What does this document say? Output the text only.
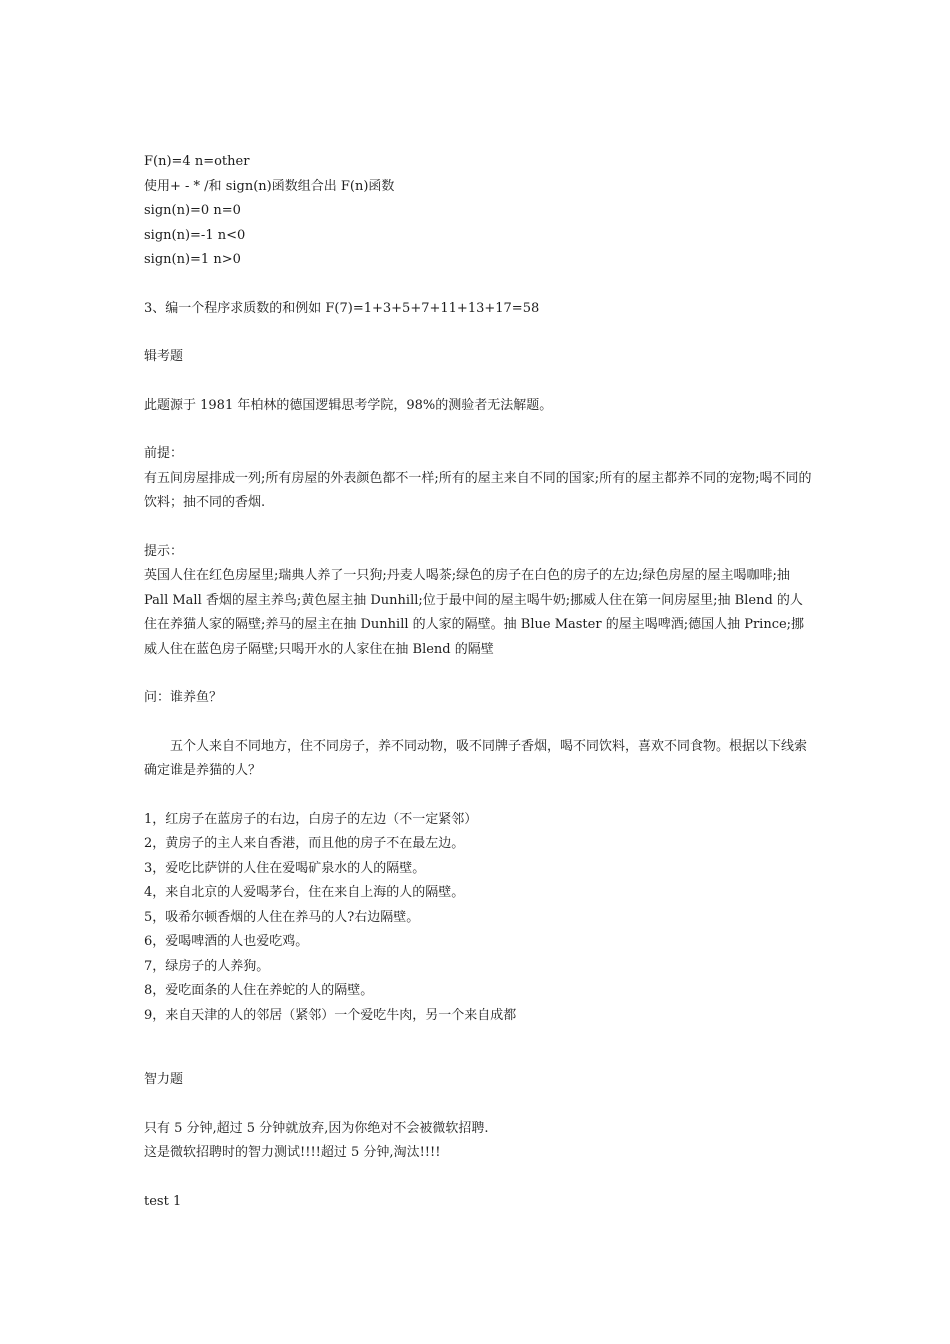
F(n)=4 n=other
使用+ - * /和 sign(n)函数组合出 F(n)函数
sign(n)=0 n=0
sign(n)=-1 n<0
sign(n)=1 n>0
3、编一个程序求质数的和例如 F(7)=1+3+5+7+11+13+17=58
辑考题
此题源于 1981 年柏林的德国逻辑思考学院，98%的测验者无法解题。
前提：
有五间房屋排成一列;所有房屋的外表颜色都不一样;所有的屋主来自不同的国家;所有的屋主都养不同的宠物;喝不同的饮料；抽不同的香烟.
提示：
英国人住在红色房屋里;瑞典人养了一只狗;丹麦人喝茶;绿色的房子在白色的房子的左边;绿色房屋的屋主喝咖啡;抽 Pall Mall 香烟的屋主养鸟;黄色屋主抽 Dunhill;位于最中间的屋主喝牛奶;挪威人住在第一间房屋里;抽 Blend 的人住在养猫人家的隔壁;养马的屋主在抽 Dunhill 的人家的隔壁。抽 Blue Master 的屋主喝啤酒;德国人抽 Prince;挪威人住在蓝色房子隔壁;只喝开水的人家住在抽 Blend 的隔壁
问：谁养鱼？
五个人来自不同地方，住不同房子，养不同动物，吸不同牌子香烟，喝不同饮料，喜欢不同食物。根据以下线索确定谁是养猫的人？
1，红房子在蓝房子的右边，白房子的左边（不一定紧邻）
2，黄房子的主人来自香港，而且他的房子不在最左边。
3，爱吃比萨饼的人住在爱喝矿泉水的人的隔壁。
4，来自北京的人爱喝茅台，住在来自上海的人的隔壁。
5，吸希尔顿香烟的人住在养马的人?右边隔壁。
6，爱喝啤酒的人也爱吃鸡。
7，绿房子的人养狗。
8，爱吃面条的人住在养蛇的人的隔壁。
9，来自天津的人的邻居（紧邻）一个爱吃牛肉，另一个来自成都
智力题
只有 5 分钟,超过 5 分钟就放弃,因为你绝对不会被微软招聘.
这是微软招聘时的智力测试!!!!超过 5 分钟,淘汰!!!!
test 1
